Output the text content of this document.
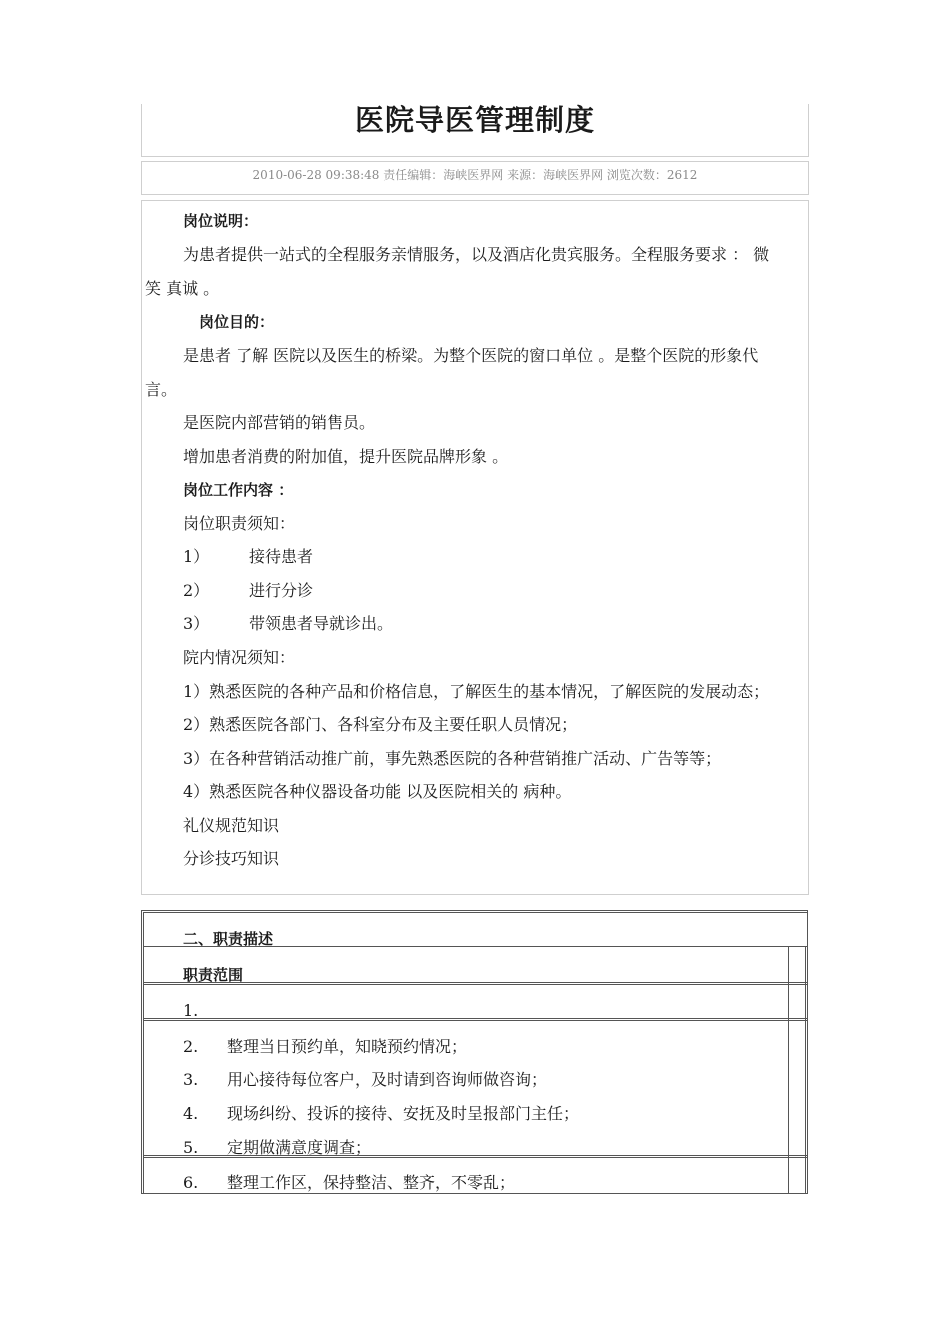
医院导医管理制度
2010-06-28 09:38:48 责任编辑：海峡医界网 来源：海峡医界网 浏览次数：2612
岗位说明：
为患者提供一站式的全程服务亲情服务，以及酒店化贵宾服务。全程服务要求 ： 微
笑 真诚 。
岗位目的：
是患者 了解 医院以及医生的桥梁。为整个医院的窗口单位 。是整个医院的形象代
言。
是医院内部营销的销售员。
增加患者消费的附加值，提升医院品牌形象 。
岗位工作内容 ：
岗位职责须知：
1） 接待患者
2） 进行分诊
3） 带领患者导就诊出。
院内情况须知：
1）熟悉医院的各种产品和价格信息，了解医生的基本情况，了解医院的发展动态；
2）熟悉医院各部门、各科室分布及主要任职人员情况；
3）在各种营销活动推广前，事先熟悉医院的各种营销推广活动、广告等等；
4）熟悉医院各种仪器设备功能 以及医院相关的 病种。
礼仪规范知识
分诊技巧知识
二、职责描述
职责范围
1.
2. 整理当日预约单，知晓预约情况；
3. 用心接待每位客户，及时请到咨询师做咨询；
4. 现场纠纷、投诉的接待、安抚及时呈报部门主任；
5. 定期做满意度调查；
6. 整理工作区，保持整洁、整齐，不零乱；
